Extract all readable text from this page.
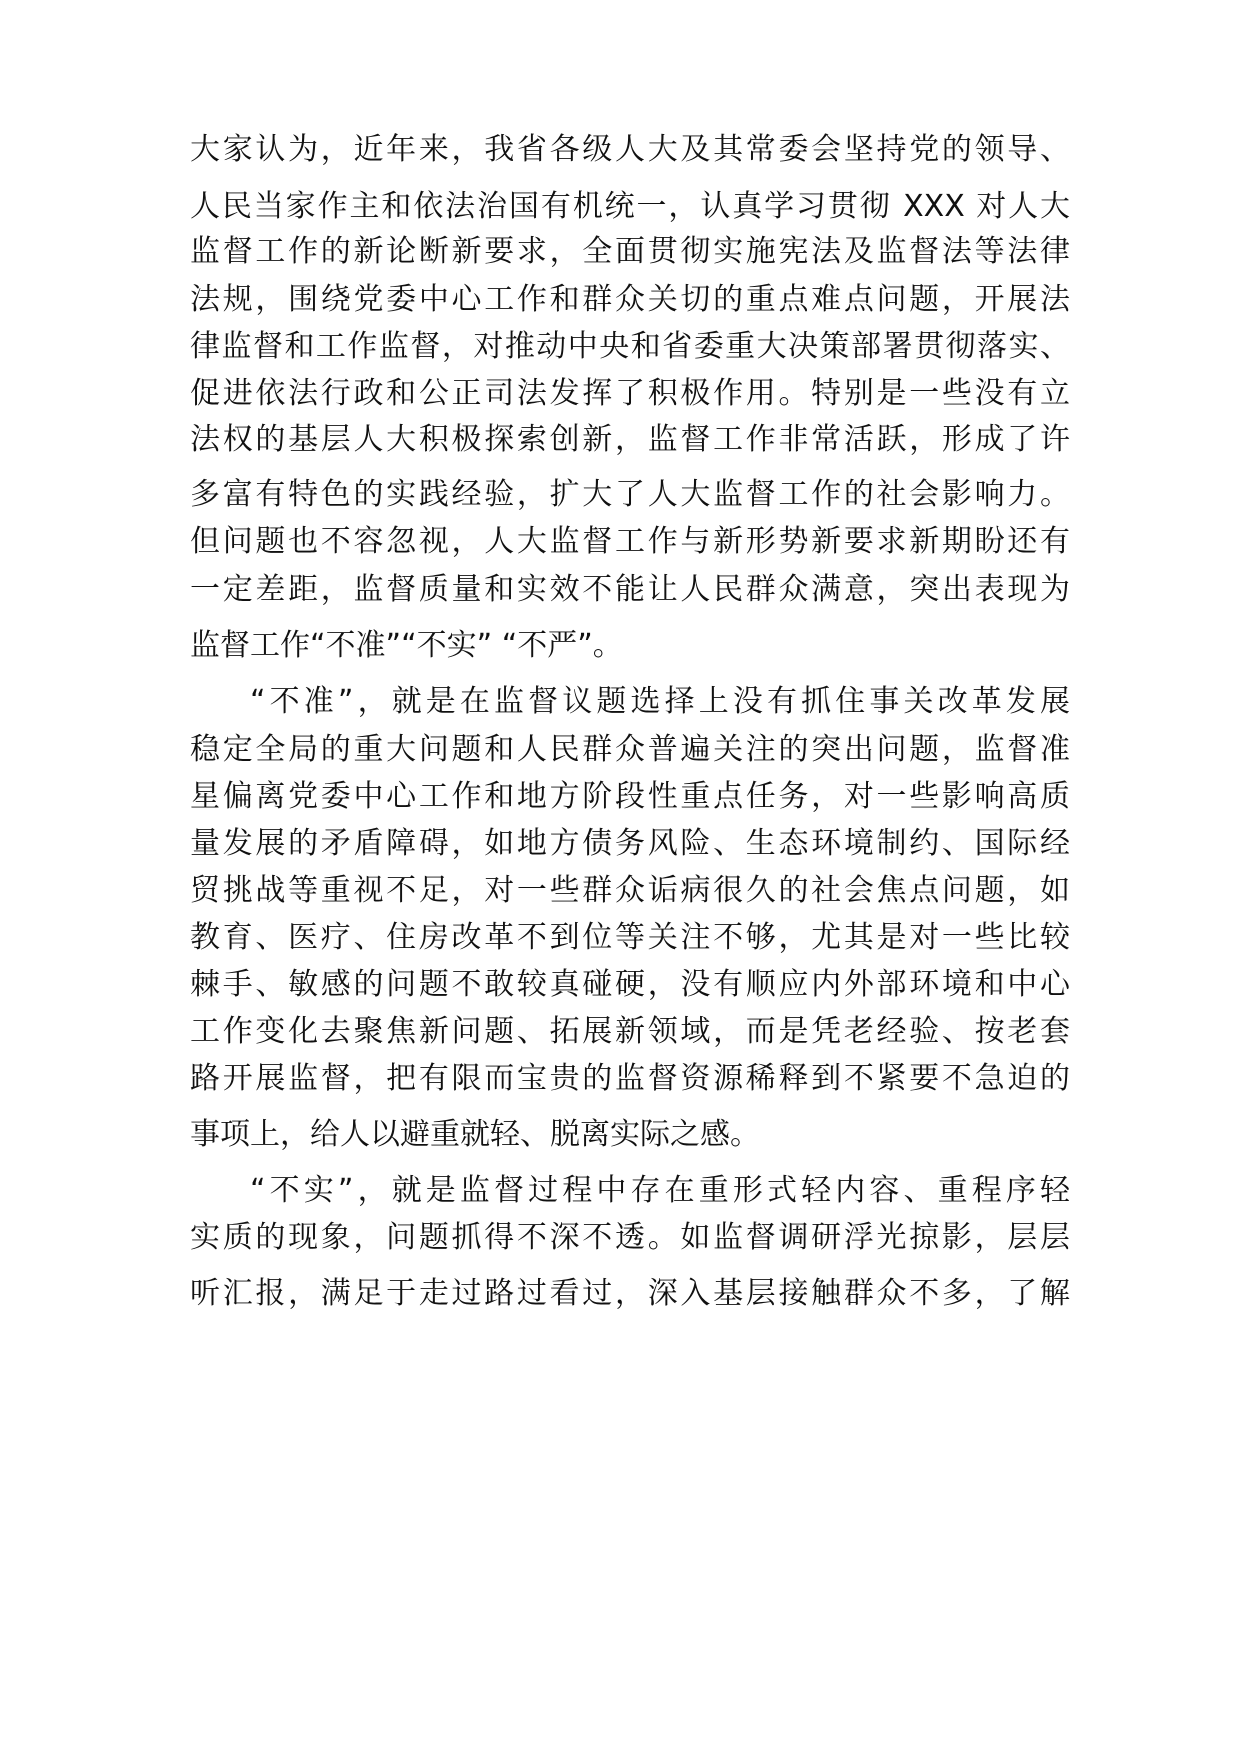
大家认为，近年来，我省各级人大及其常委会坚持党的领导、
人民当家作主和依法治国有机统一，认真学习贯彻 XXX 对人大
监督工作的新论断新要求，全面贯彻实施宪法及监督法等法律
法规，围绕党委中心工作和群众关切的重点难点问题，开展法
律监督和工作监督，对推动中央和省委重大决策部署贯彻落实、
促进依法行政和公正司法发挥了积极作用。特别是一些没有立
法权的基层人大积极探索创新，监督工作非常活跃，形成了许
多富有特色的实践经验，扩大了人大监督工作的社会影响力。
但问题也不容忽视，人大监督工作与新形势新要求新期盼还有
一定差距，监督质量和实效不能让人民群众满意，突出表现为
监督工作“不准”“不实” “不严”。
“不准”，就是在监督议题选择上没有抓住事关改革发展
稳定全局的重大问题和人民群众普遍关注的突出问题，监督准
星偏离党委中心工作和地方阶段性重点任务，对一些影响高质
量发展的矛盾障碍，如地方债务风险、生态环境制约、国际经
贸挑战等重视不足，对一些群众诟病很久的社会焦点问题，如
教育、医疗、住房改革不到位等关注不够，尤其是对一些比较
棘手、敏感的问题不敢较真碰硬，没有顺应内外部环境和中心
工作变化去聚焦新问题、拓展新领域，而是凭老经验、按老套
路开展监督，把有限而宝贵的监督资源稀释到不紧要不急迫的
事项上，给人以避重就轻、脱离实际之感。
“不实”，就是监督过程中存在重形式轻内容、重程序轻
实质的现象，问题抓得不深不透。如监督调研浮光掠影，层层
听汇报，满足于走过路过看过，深入基层接触群众不多，了解
